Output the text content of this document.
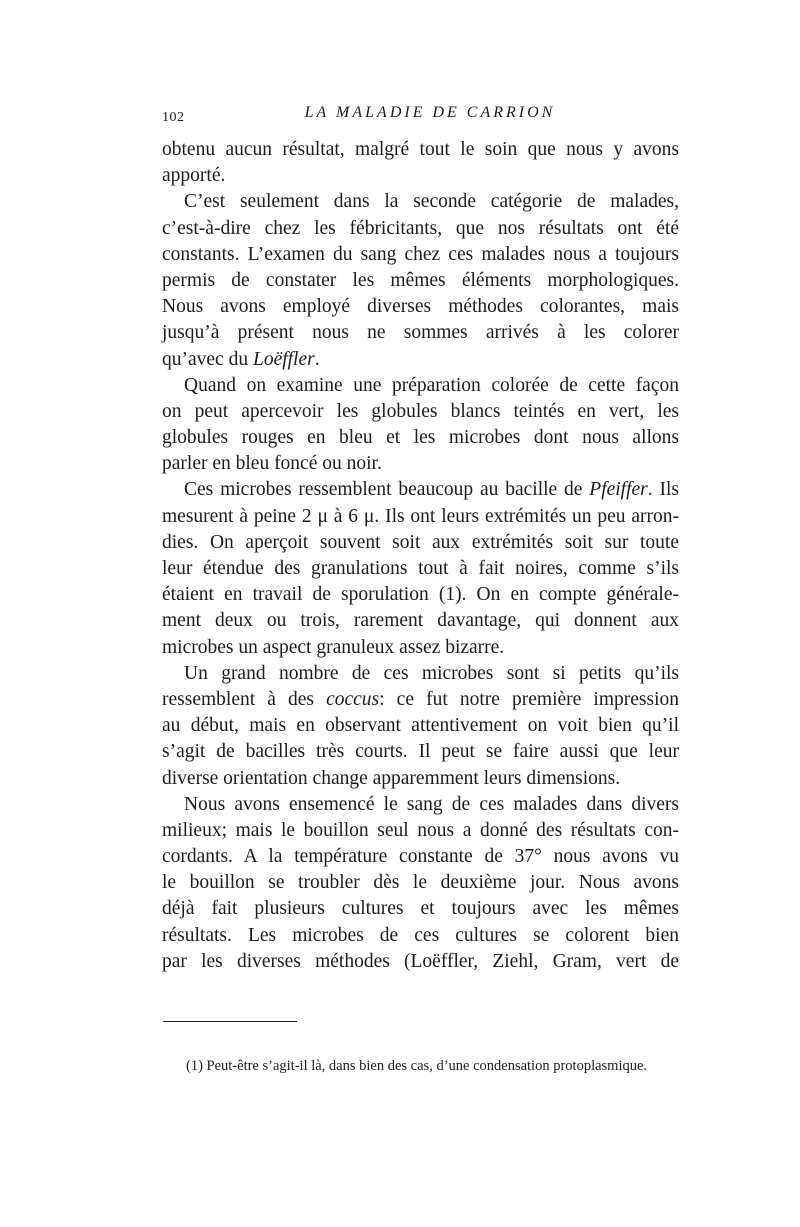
102	LA MALADIE DE CARRION
obtenu aucun résultat, malgré tout le soin que nous y avons
apporté.
C’est seulement dans la seconde catégorie de malades,
c’est-à-dire chez les fébricitants, que nos résultats ont été
constants. L’examen du sang chez ces malades nous a toujours
permis de constater les mêmes éléments morphologiques.
Nous avons employé diverses méthodes colorantes, mais
jusqu’à présent nous ne sommes arrivés à les colorer
qu’avec du Loëffler.
Quand on examine une préparation colorée de cette façon
on peut apercevoir les globules blancs teintés en vert, les
globules rouges en bleu et les microbes dont nous allons
parler en bleu foncé ou noir.
Ces microbes ressemblent beaucoup au bacille de Pfeiffer. Ils
mesurent à peine 2 μ à 6 μ. Ils ont leurs extrémités un peu arron-
dies. On aperçoit souvent soit aux extrémités soit sur toute
leur étendue des granulations tout à fait noires, comme s’ils
étaient en travail de sporulation (1). On en compte générale-
ment deux ou trois, rarement davantage, qui donnent aux
microbes un aspect granuleux assez bizarre.
Un grand nombre de ces microbes sont si petits qu’ils
ressemblent à des coccus: ce fut notre première impression
au début, mais en observant attentivement on voit bien qu’il
s’agit de bacilles très courts. Il peut se faire aussi que leur
diverse orientation change apparemment leurs dimensions.
Nous avons ensemencé le sang de ces malades dans divers
milieux; mais le bouillon seul nous a donné des résultats con-
cordants. A la température constante de 37° nous avons vu
le bouillon se troubler dès le deuxième jour. Nous avons
déjà fait plusieurs cultures et toujours avec les mêmes
résultats. Les microbes de ces cultures se colorent bien
par les diverses méthodes (Loëffler, Ziehl, Gram, vert de
(1) Peut-être s’agit-il là, dans bien des cas, d’une condensation protoplasmique.
